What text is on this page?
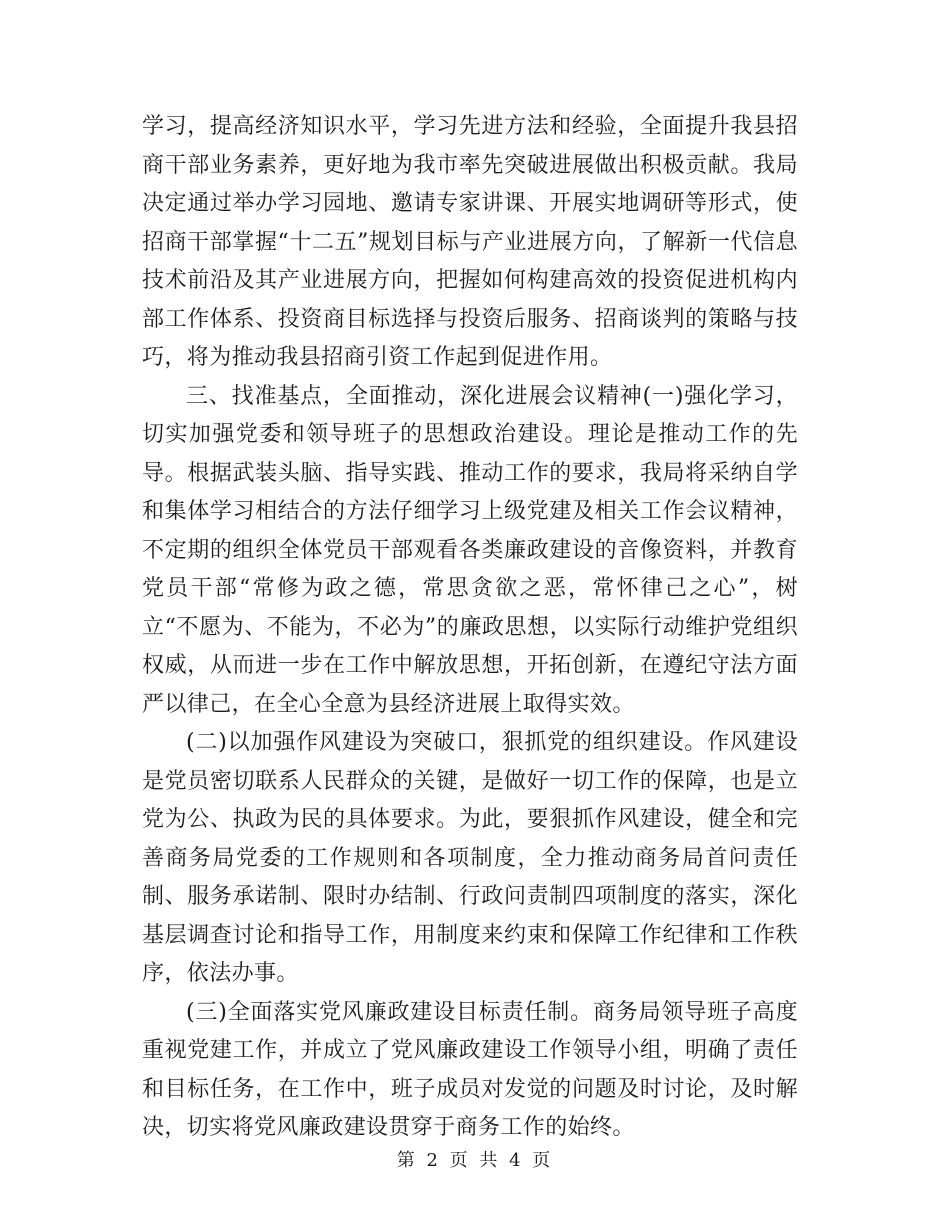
学习，提高经济知识水平，学习先进方法和经验，全面提升我县招商干部业务素养，更好地为我市率先突破进展做出积极贡献。我局决定通过举办学习园地、邀请专家讲课、开展实地调研等形式，使招商干部掌握“十二五”规划目标与产业进展方向，了解新一代信息技术前沿及其产业进展方向，把握如何构建高效的投资促进机构内部工作体系、投资商目标选择与投资后服务、招商谈判的策略与技巧，将为推动我县招商引资工作起到促进作用。

三、找准基点，全面推动，深化进展会议精神(一)强化学习，切实加强党委和领导班子的思想政治建设。理论是推动工作的先导。根据武装头脑、指导实践、推动工作的要求，我局将采纳自学和集体学习相结合的方法仔细学习上级党建及相关工作会议精神，不定期的组织全体党员干部观看各类廉政建设的音像资料，并教育党员干部“常修为政之德，常思贪欲之恶，常怀律己之心”，树立“不愿为、不能为，不必为”的廉政思想，以实际行动维护党组织权威，从而进一步在工作中解放思想，开拓创新，在遵纪守法方面严以律己，在全心全意为县经济进展上取得实效。

(二)以加强作风建设为突破口，狠抓党的组织建设。作风建设是党员密切联系人民群众的关键，是做好一切工作的保障，也是立党为公、执政为民的具体要求。为此，要狠抓作风建设，健全和完善商务局党委的工作规则和各项制度，全力推动商务局首问责任制、服务承诺制、限时办结制、行政问责制四项制度的落实，深化基层调查讨论和指导工作，用制度来约束和保障工作纪律和工作秩序，依法办事。

(三)全面落实党风廉政建设目标责任制。商务局领导班子高度重视党建工作，并成立了党风廉政建设工作领导小组，明确了责任和目标任务，在工作中，班子成员对发觉的问题及时讨论，及时解决，切实将党风廉政建设贯穿于商务工作的始终。

第 2 页 共 4 页
